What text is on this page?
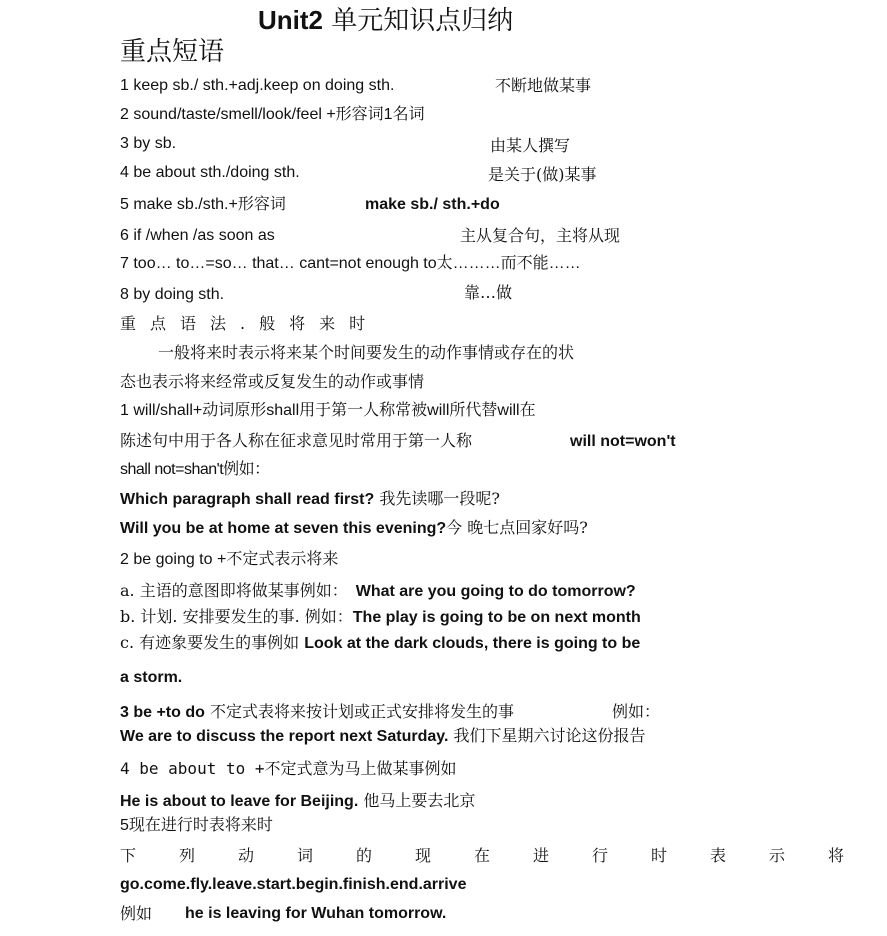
Unit2 单元知识点归纳
重点短语
1 keep sb./ sth.+adj.keep on doing sth.	不断地做某事
2 sound/taste/smell/look/feel +形容词1名词
3 by sb.	由某人撰写
4 be about sth./doing sth.	是关于(做)某事
5 make sb./sth.+形容词	make sb./ sth.+do
6 if /when /as soon as	主从复合句，主将从现
7 too… to…=so… that… cant=not enough to太………而不能……
8 by doing sth.	靠…做
重点语法.般将来时
一般将来时表示将来某个时间要发生的动作事情或存在的状
态也表示将来经常或反复发生的动作或事情
1 will/shall+动词原形shall用于第一人称常被will所代替will在
陈述句中用于各人称在征求意见时常用于第一人称	will not=won't
shall not=shan't例如：
Which paragraph shall read first? 我先读哪一段呢?
Will you be at home at seven this evening?今 晚七点回家好吗?
2 be going to +不定式表示将来
a. 主语的意图即将做某事例如： What are you going to do tomorrow?
b. 计划. 安排要发生的事. 例如：The play is going to be on next month
c. 有迹象要发生的事例如 Look at the dark clouds, there is going to be
a storm.
3 be +to do 不定式表将来按计划或正式安排将发生的事	例如：
We are to discuss the report next Saturday. 我们下星期六讨论这份报告
4 be about to +不定式意为马上做某事例如
He is about to leave for Beijing. 他马上要去北京
5现在进行时表将来时
下列动词的现在进行时表示将
go.come.fly.leave.start.begin.finish.end.arrive
例如 he is leaving for Wuhan tomorrow.
